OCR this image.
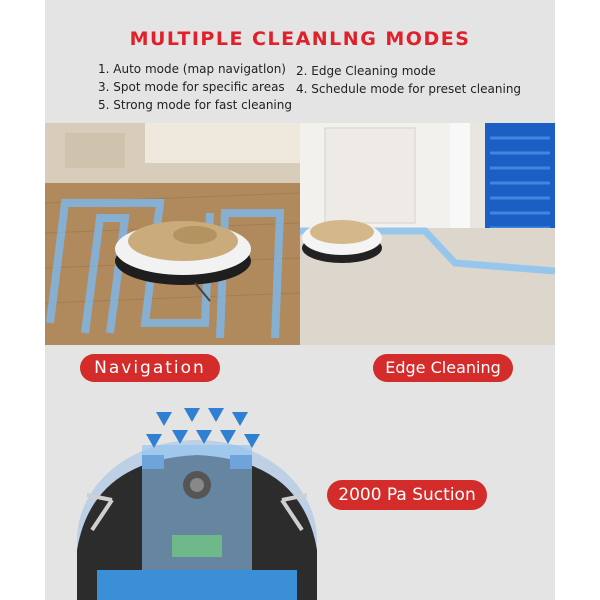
MULTIPLE CLEANLNG MODES
1. Auto mode (map navigatlon) 2. Edge Cleaning mode
3. Spot mode for specific areas 4. Schedule mode for preset cleaning
5. Strong mode for fast cleaning
Navigation	Edge Cleaning
2000 Pa Suction
